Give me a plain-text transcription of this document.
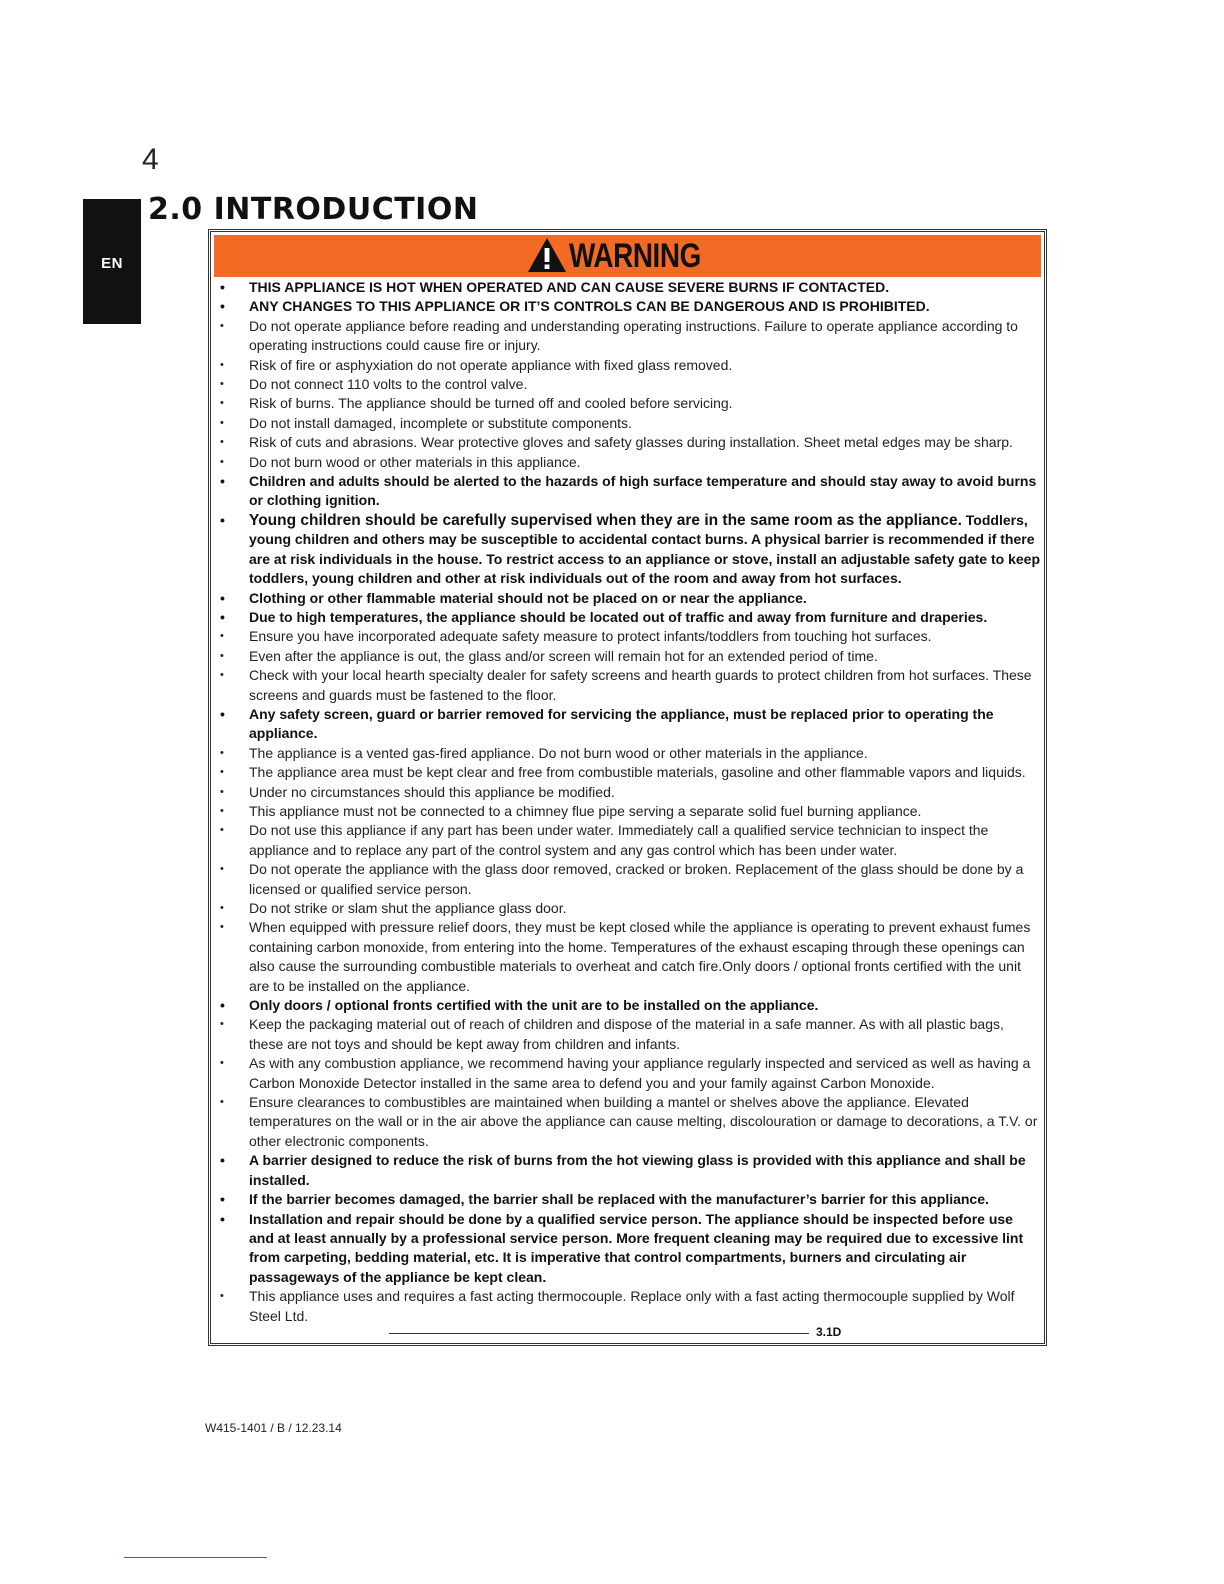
4
EN
2.0 INTRODUCTION
WARNING
• THIS APPLIANCE IS HOT WHEN OPERATED AND CAN CAUSE SEVERE BURNS IF CONTACTED.
• ANY CHANGES TO THIS APPLIANCE OR IT’S CONTROLS CAN BE DANGEROUS AND IS PROHIBITED.
• Do not operate appliance before reading and understanding operating instructions. Failure to operate appliance according to operating instructions could cause fire or injury.
• Risk of fire or asphyxiation do not operate appliance with fixed glass removed.
• Do not connect 110 volts to the control valve.
• Risk of burns. The appliance should be turned off and cooled before servicing.
• Do not install damaged, incomplete or substitute components.
• Risk of cuts and abrasions. Wear protective gloves and safety glasses during installation. Sheet metal edges may be sharp.
• Do not burn wood or other materials in this appliance.
• Children and adults should be alerted to the hazards of high surface temperature and should stay away to avoid burns or clothing ignition.
• Young children should be carefully supervised when they are in the same room as the appliance. Toddlers, young children and others may be susceptible to accidental contact burns. A physical barrier is recommended if there are at risk individuals in the house. To restrict access to an appliance or stove, install an adjustable safety gate to keep toddlers, young children and other at risk individuals out of the room and away from hot surfaces.
• Clothing or other flammable material should not be placed on or near the appliance.
• Due to high temperatures, the appliance should be located out of traffic and away from furniture and draperies.
• Ensure you have incorporated adequate safety measure to protect infants/toddlers from touching hot surfaces.
• Even after the appliance is out, the glass and/or screen will remain hot for an extended period of time.
• Check with your local hearth specialty dealer for safety screens and hearth guards to protect children from hot surfaces. These screens and guards must be fastened to the floor.
• Any safety screen, guard or barrier removed for servicing the appliance, must be replaced prior to operating the appliance.
• The appliance is a vented gas-fired appliance. Do not burn wood or other materials in the appliance.
• The appliance area must be kept clear and free from combustible materials, gasoline and other flammable vapors and liquids.
• Under no circumstances should this appliance be modified.
• This appliance must not be connected to a chimney flue pipe serving a separate solid fuel burning appliance.
• Do not use this appliance if any part has been under water. Immediately call a qualified service technician to inspect the appliance and to replace any part of the control system and any gas control which has been under water.
• Do not operate the appliance with the glass door removed, cracked or broken. Replacement of the glass should be done by a licensed or qualified service person.
• Do not strike or slam shut the appliance glass door.
• When equipped with pressure relief doors, they must be kept closed while the appliance is operating to prevent exhaust fumes containing carbon monoxide, from entering into the home. Temperatures of the exhaust escaping through these openings can also cause the surrounding combustible materials to overheat and catch fire.Only doors / optional fronts certified with the unit are to be installed on the appliance.
• Only doors / optional fronts certified with the unit are to be installed on the appliance.
• Keep the packaging material out of reach of children and dispose of the material in a safe manner. As with all plastic bags, these are not toys and should be kept away from children and infants.
• As with any combustion appliance, we recommend having your appliance regularly inspected and serviced as well as having a Carbon Monoxide Detector installed in the same area to defend you and your family against Carbon Monoxide.
• Ensure clearances to combustibles are maintained when building a mantel or shelves above the appliance. Elevated temperatures on the wall or in the air above the appliance can cause melting, discolouration or damage to decorations, a T.V. or other electronic components.
• A barrier designed to reduce the risk of burns from the hot viewing glass is provided with this appliance and shall be installed.
• If the barrier becomes damaged, the barrier shall be replaced with the manufacturer’s barrier for this appliance.
• Installation and repair should be done by a qualified service person. The appliance should be inspected before use and at least annually by a professional service person. More frequent cleaning may be required due to excessive lint from carpeting, bedding material, etc. It is imperative that control compartments, burners and circulating air passageways of the appliance be kept clean.
• This appliance uses and requires a fast acting thermocouple. Replace only with a fast acting thermocouple supplied by Wolf Steel Ltd.
3.1D
W415-1401 / B / 12.23.14
